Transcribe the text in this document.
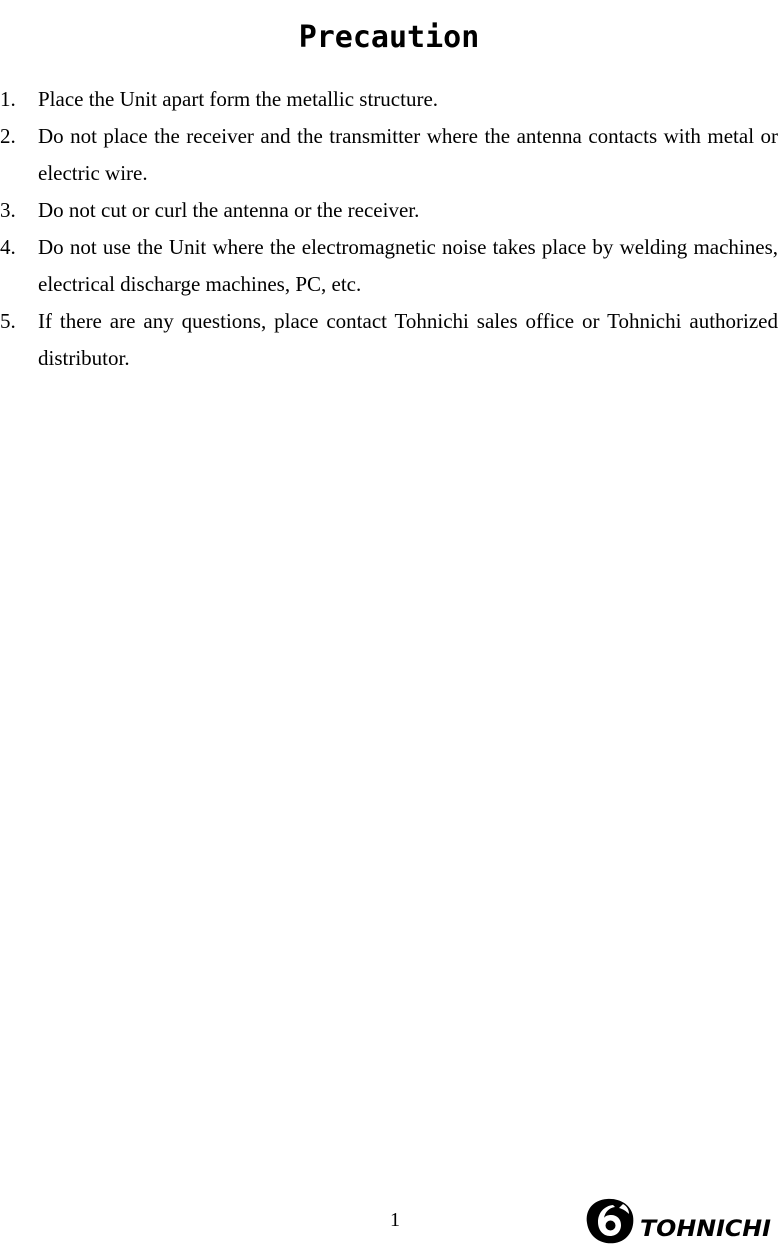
Precaution
1.	Place the Unit apart form the metallic structure.
2.	Do not place the receiver and the transmitter where the antenna contacts with metal or electric wire.
3.	Do not cut or curl the antenna or the receiver.
4.	Do not use the Unit where the electromagnetic noise takes place by welding machines, electrical discharge machines, PC, etc.
5.	If there are any questions, place contact Tohnichi sales office or Tohnichi authorized distributor.
1	TOHNICHI
